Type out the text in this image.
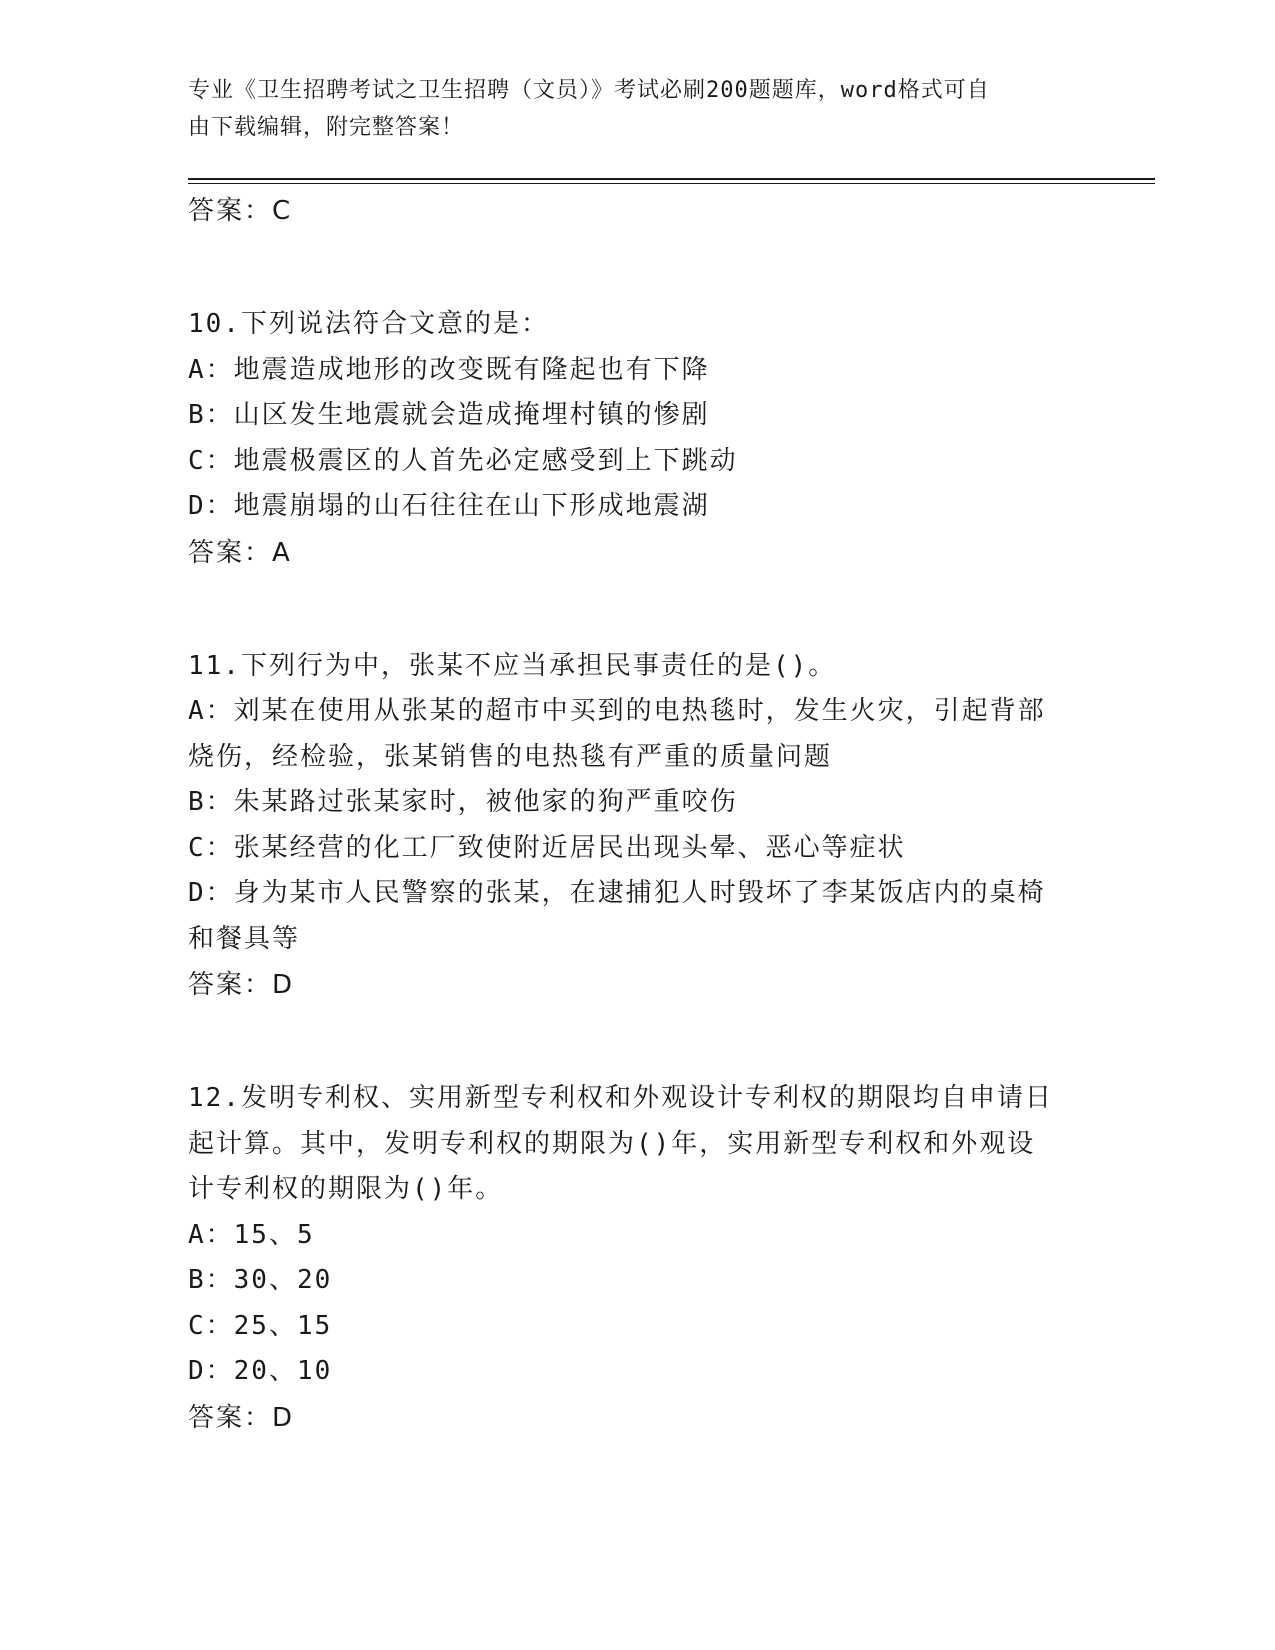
专业《卫生招聘考试之卫生招聘（文员）》考试必刷200题题库，word格式可自
由下载编辑，附完整答案！
答案：C
10.下列说法符合文意的是：
A：地震造成地形的改变既有隆起也有下降
B：山区发生地震就会造成掩埋村镇的惨剧
C：地震极震区的人首先必定感受到上下跳动
D：地震崩塌的山石往往在山下形成地震湖
答案：A
11.下列行为中，张某不应当承担民事责任的是()。
A：刘某在使用从张某的超市中买到的电热毯时，发生火灾，引起背部
烧伤，经检验，张某销售的电热毯有严重的质量问题
B：朱某路过张某家时，被他家的狗严重咬伤
C：张某经营的化工厂致使附近居民出现头晕、恶心等症状
D：身为某市人民警察的张某，在逮捕犯人时毁坏了李某饭店内的桌椅
和餐具等
答案：D
12.发明专利权、实用新型专利权和外观设计专利权的期限均自申请日
起计算。其中，发明专利权的期限为()年，实用新型专利权和外观设
计专利权的期限为()年。
A：15、5
B：30、20
C：25、15
D：20、10
答案：D
